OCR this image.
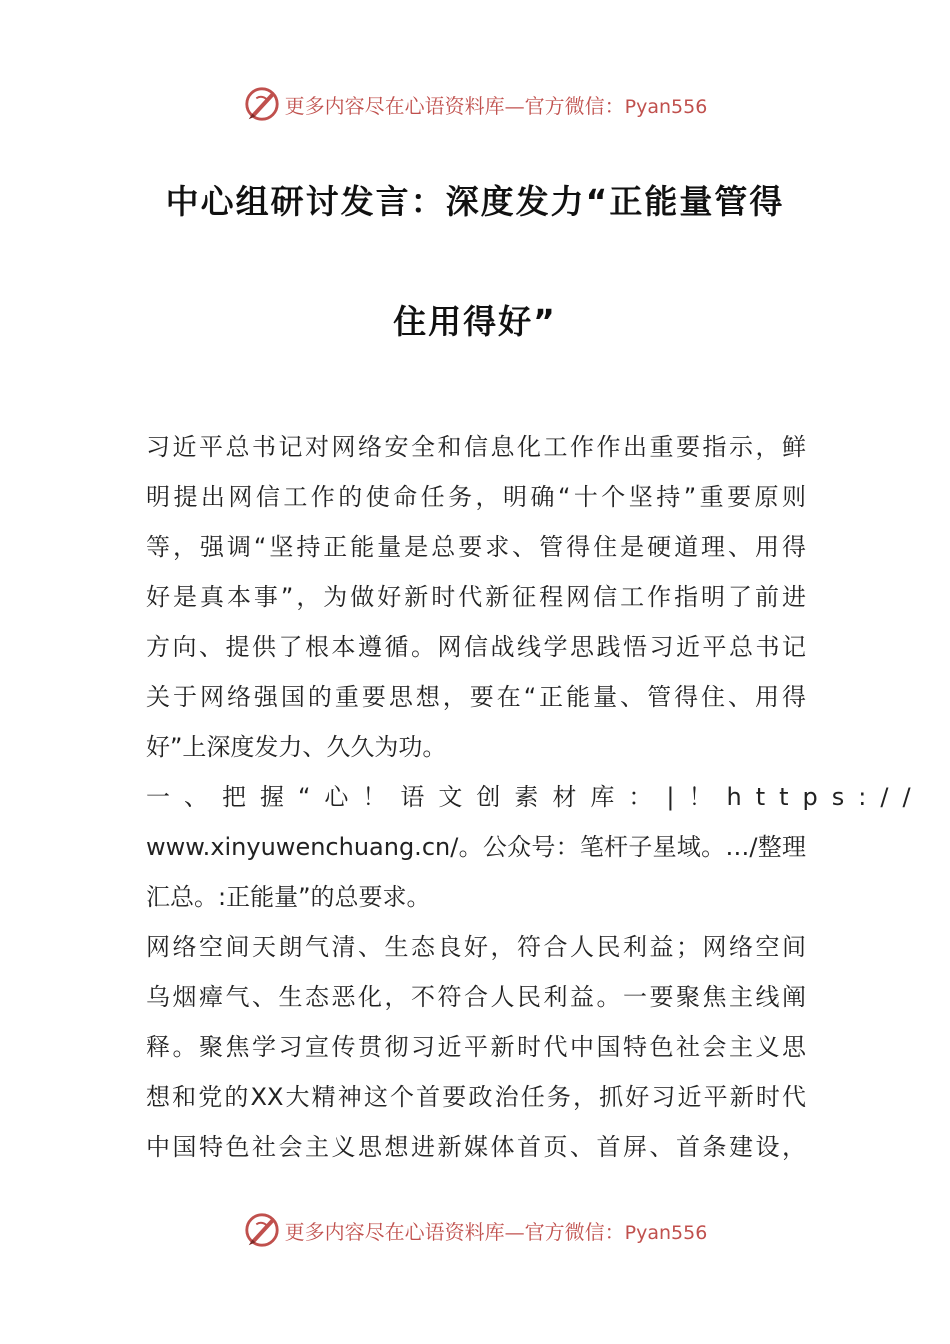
更多内容尽在心语资料库—官方微信：Pyan556
中心组研讨发言：深度发力“正能量管得
住用得好”
习近平总书记对网络安全和信息化工作作出重要指示，鲜
明提出网信工作的使命任务，明确“十个坚持”重要原则
等，强调“坚持正能量是总要求、管得住是硬道理、用得
好是真本事”，为做好新时代新征程网信工作指明了前进
方向、提供了根本遵循。网信战线学思践悟习近平总书记
关于网络强国的重要思想，要在“正能量、管得住、用得
好”上深度发力、久久为功。
一、把握“心！语文创素材库：|！https://
www.xinyuwenchuang.cn/。公众号：笔杆子星域。…/整理
汇总。:正能量”的总要求。
网络空间天朗气清、生态良好，符合人民利益；网络空间
乌烟瘴气、生态恶化，不符合人民利益。一要聚焦主线阐
释。聚焦学习宣传贯彻习近平新时代中国特色社会主义思
想和党的XX大精神这个首要政治任务，抓好习近平新时代
中国特色社会主义思想进新媒体首页、首屏、首条建设，
更多内容尽在心语资料库—官方微信：Pyan556
